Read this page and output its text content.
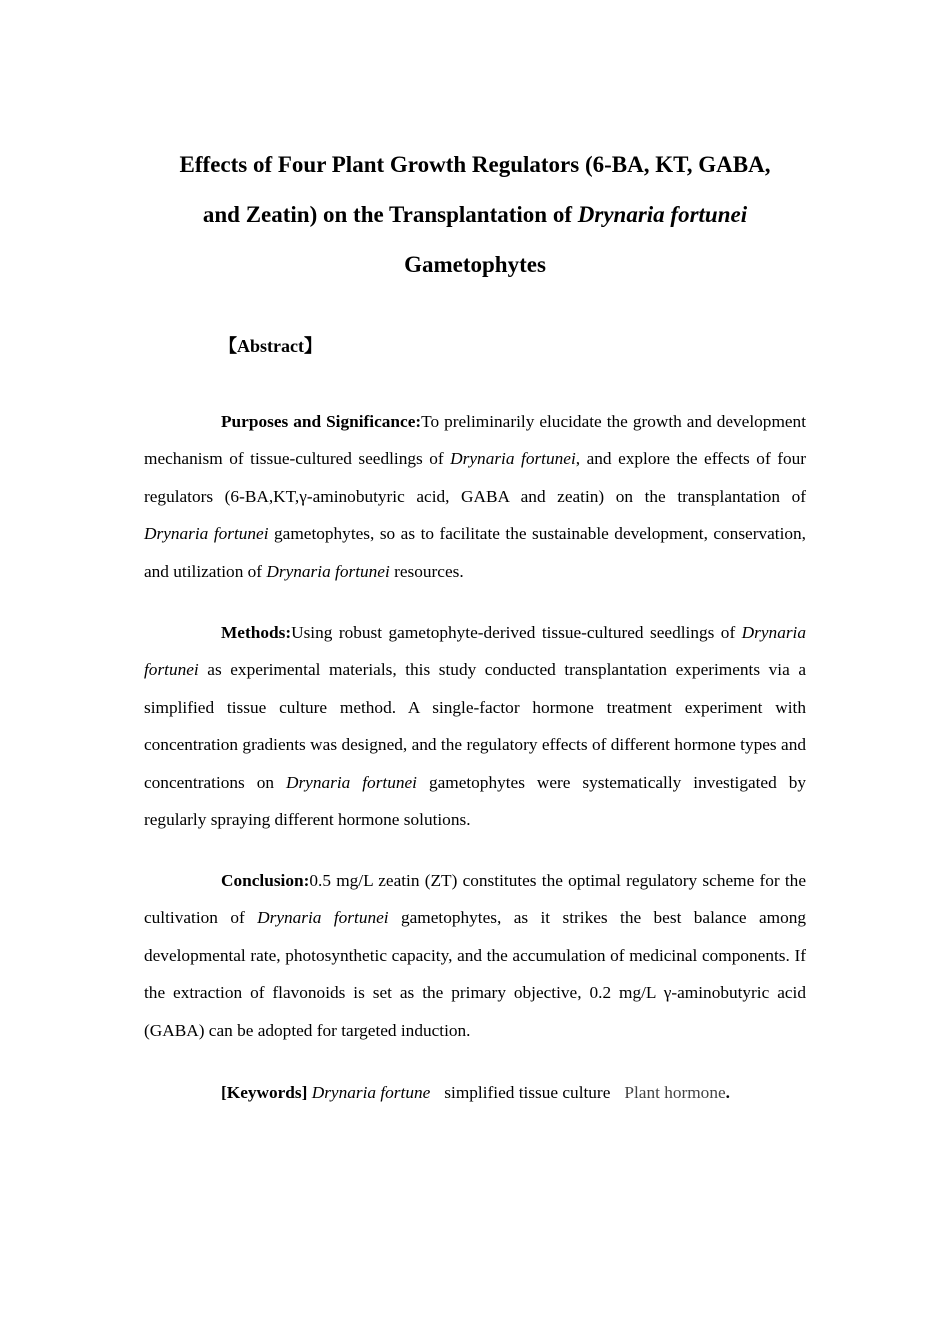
Effects of Four Plant Growth Regulators (6-BA, KT, GABA,
and Zeatin) on the Transplantation of Drynaria fortunei
Gametophytes
【Abstract】

Purposes and Significance:To preliminarily elucidate the growth and development mechanism of tissue-cultured seedlings of Drynaria fortunei, and explore the effects of four regulators (6-BA,KT,γ-aminobutyric acid, GABA and zeatin) on the transplantation of Drynaria fortunei gametophytes, so as to facilitate the sustainable development, conservation, and utilization of Drynaria fortunei resources.

Methods:Using robust gametophyte-derived tissue-cultured seedlings of Drynaria fortunei as experimental materials, this study conducted transplantation experiments via a simplified tissue culture method. A single-factor hormone treatment experiment with concentration gradients was designed, and the regulatory effects of different hormone types and concentrations on Drynaria fortunei gametophytes were systematically investigated by regularly spraying different hormone solutions.

Conclusion:0.5 mg/L zeatin (ZT) constitutes the optimal regulatory scheme for the cultivation of Drynaria fortunei gametophytes, as it strikes the best balance among developmental rate, photosynthetic capacity, and the accumulation of medicinal components. If the extraction of flavonoids is set as the primary objective, 0.2 mg/L γ-aminobutyric acid (GABA) can be adopted for targeted induction.

[Keywords] Drynaria fortune simplified tissue culture Plant hormone.
